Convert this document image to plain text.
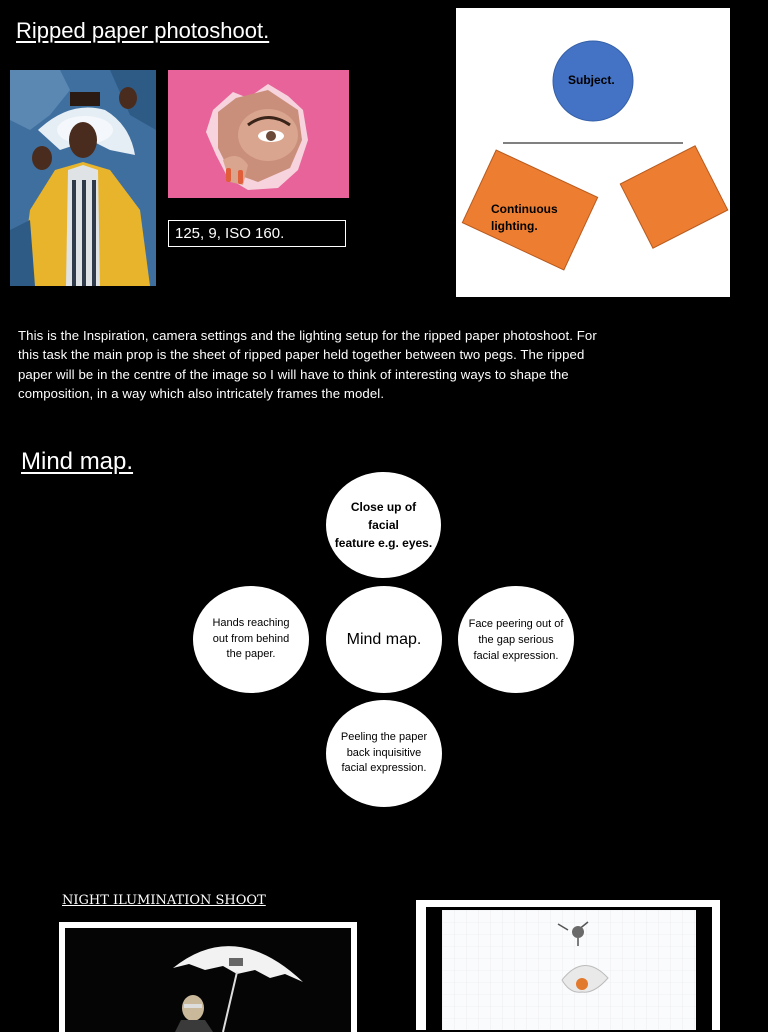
Ripped paper photoshoot.
125, 9, ISO 160.
Subject.
Continuous
lighting.
This is the Inspiration, camera settings and the lighting setup for the ripped paper photoshoot. For this task the main prop is the sheet of ripped paper held together between two pegs. The ripped paper will be in the centre of the image so I will have to think of interesting ways to shape the composition, in a way which also intricately frames the model.
Mind map.
Close up of facial
feature e.g. eyes.
Hands reaching
out from behind
the paper.
Mind map.
Face peering out of
the gap serious
facial expression.
Peeling the paper
back inquisitive
facial expression.
NIGHT ILUMINATION SHOOT
